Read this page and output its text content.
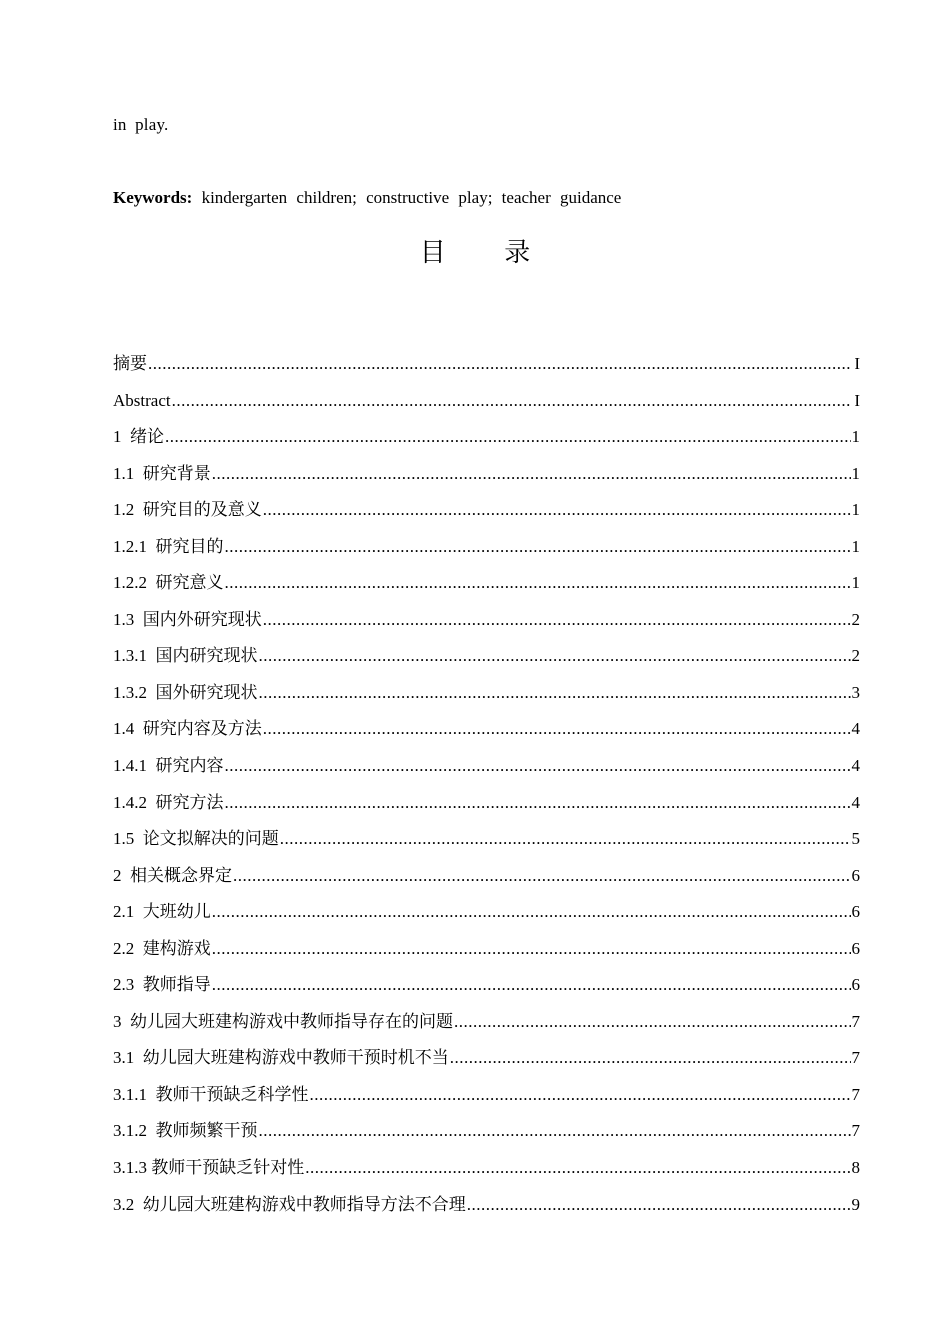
in play.
Keywords: kindergarten children; constructive play; teacher guidance
目 录
摘要 .....	I
Abstract .....	I
1 绪论 .....	1
1.1 研究背景 .....	1
1.2 研究目的及意义 .....	1
1.2.1 研究目的 .....	1
1.2.2 研究意义 .....	1
1.3 国内外研究现状 .....	2
1.3.1 国内研究现状 .....	2
1.3.2 国外研究现状 .....	3
1.4 研究内容及方法 .....	4
1.4.1 研究内容 .....	4
1.4.2 研究方法 .....	4
1.5 论文拟解决的问题 .....	5
2 相关概念界定 .....	6
2.1 大班幼儿 .....	6
2.2 建构游戏 .....	6
2.3 教师指导 .....	6
3 幼儿园大班建构游戏中教师指导存在的问题 .....	7
3.1 幼儿园大班建构游戏中教师干预时机不当 .....	7
3.1.1 教师干预缺乏科学性 .....	7
3.1.2 教师频繁干预 .....	7
3.1.3 教师干预缺乏针对性 .....	8
3.2 幼儿园大班建构游戏中教师指导方法不合理 .....	9
